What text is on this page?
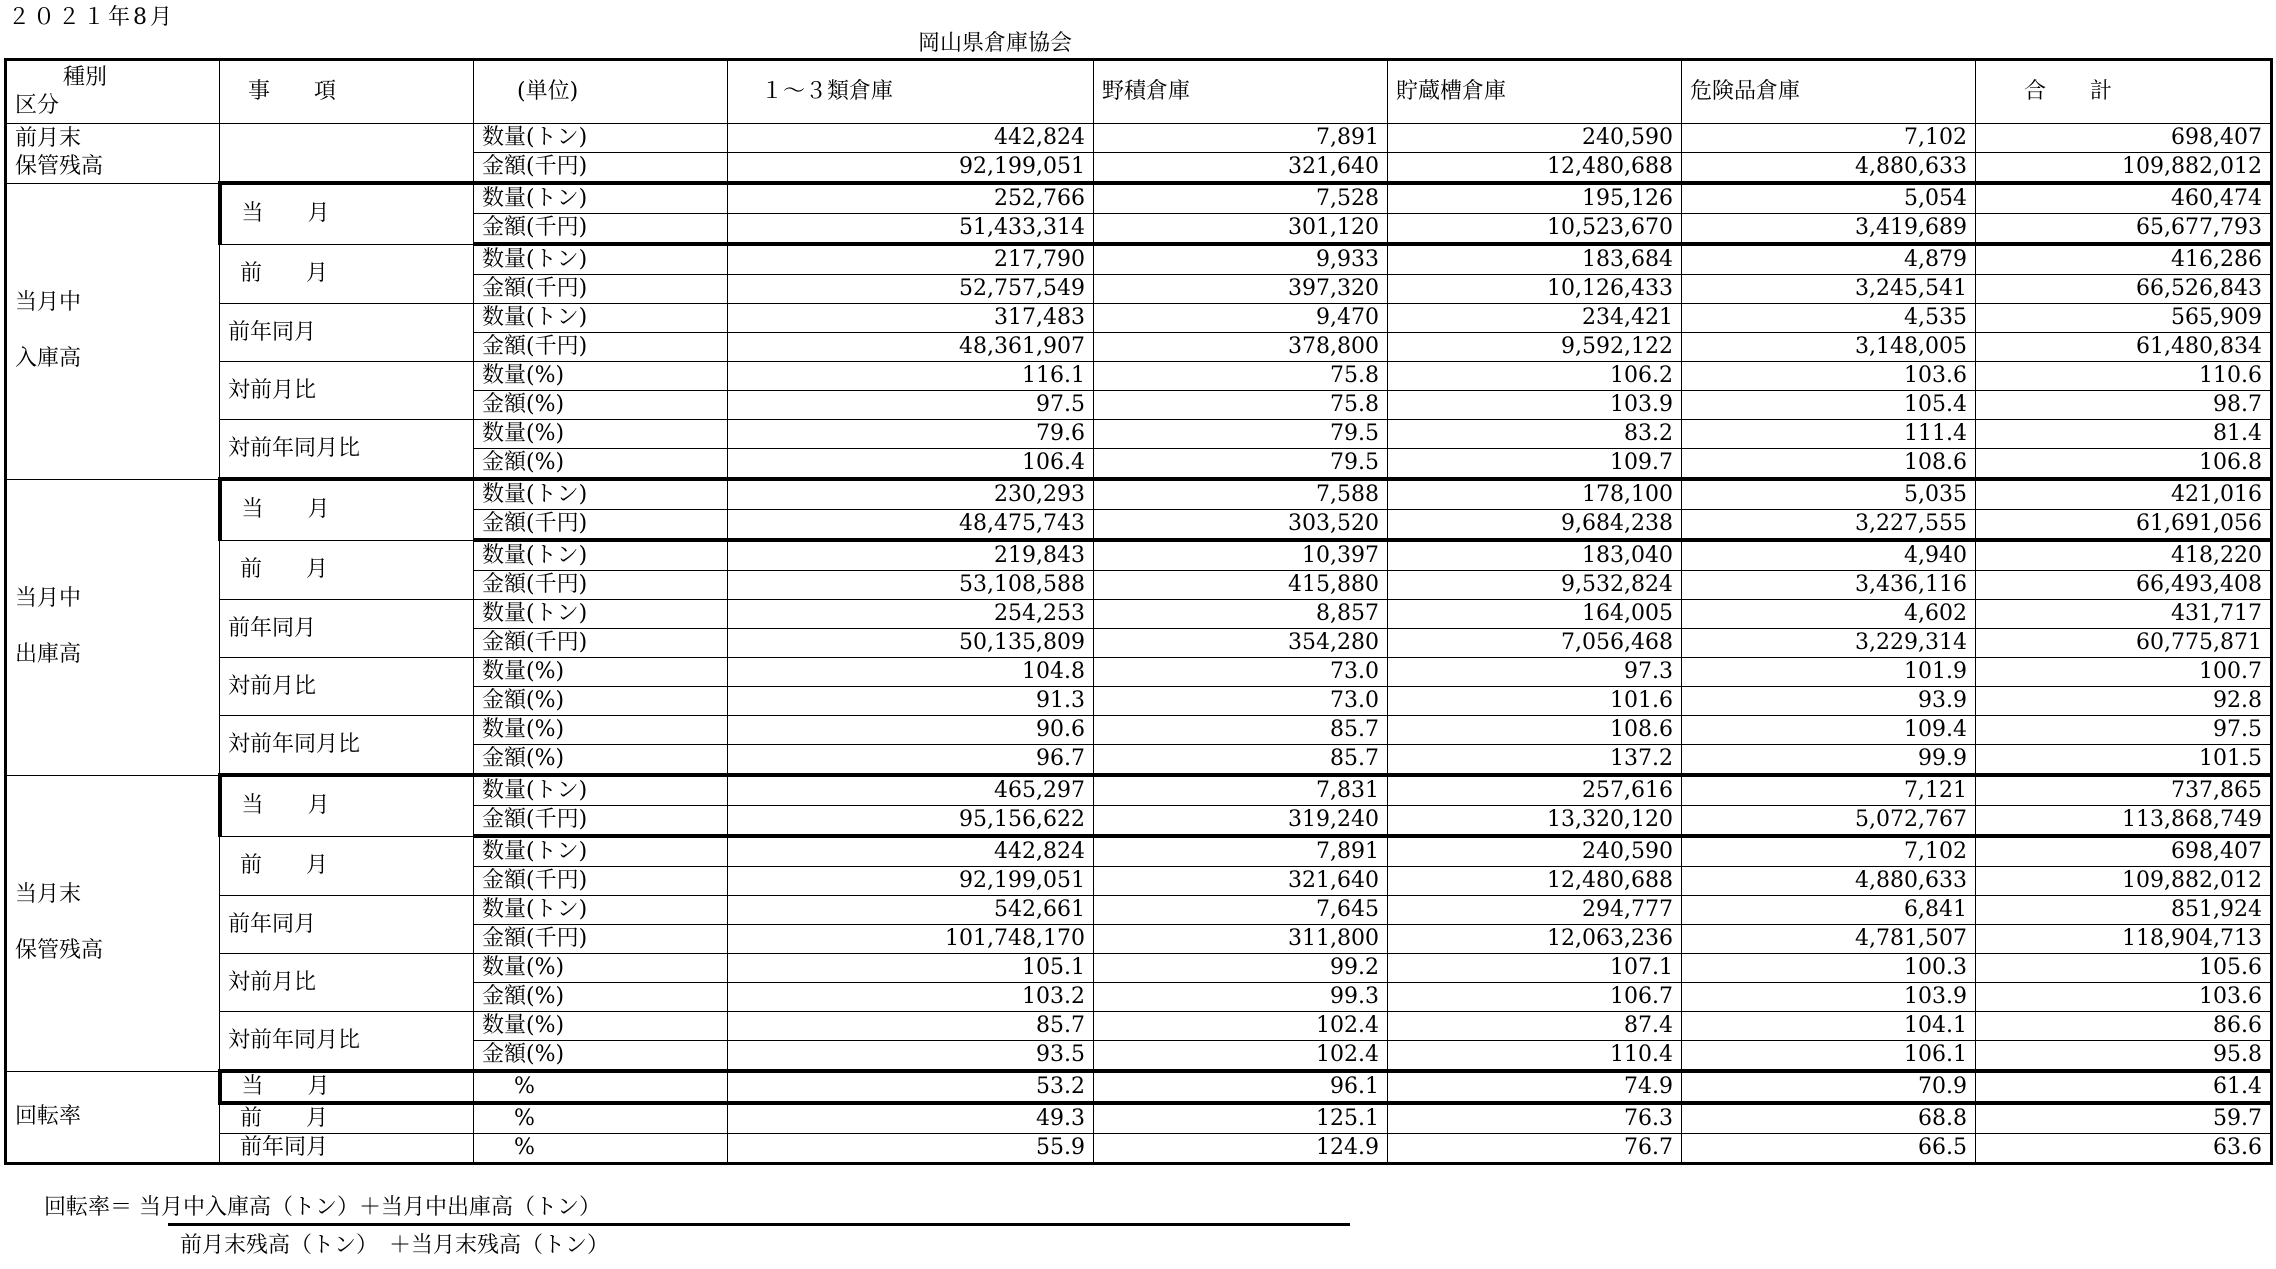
２０２１年8月
岡山県倉庫協会
種別
区分	事　　項	(単位)	１～３類倉庫	野積倉庫	貯蔵槽倉庫	危険品倉庫	合　　計

前月末
保管残高		数量(トン)	442,824	7,891	240,590	7,102	698,407
		金額(千円)	92,199,051	321,640	12,480,688	4,880,633	109,882,012

当月中

入庫高	当　　月	数量(トン)	252,766	7,528	195,126	5,054	460,474
		金額(千円)	51,433,314	301,120	10,523,670	3,419,689	65,677,793
	前　　月	数量(トン)	217,790	9,933	183,684	4,879	416,286
		金額(千円)	52,757,549	397,320	10,126,433	3,245,541	66,526,843
	前年同月	数量(トン)	317,483	9,470	234,421	4,535	565,909
		金額(千円)	48,361,907	378,800	9,592,122	3,148,005	61,480,834
	対前月比	数量(%)	116.1	75.8	106.2	103.6	110.6
		金額(%)	97.5	75.8	103.9	105.4	98.7
	対前年同月比	数量(%)	79.6	79.5	83.2	111.4	81.4
		金額(%)	106.4	79.5	109.7	108.6	106.8

当月中

出庫高	当　　月	数量(トン)	230,293	7,588	178,100	5,035	421,016
		金額(千円)	48,475,743	303,520	9,684,238	3,227,555	61,691,056
	前　　月	数量(トン)	219,843	10,397	183,040	4,940	418,220
		金額(千円)	53,108,588	415,880	9,532,824	3,436,116	66,493,408
	前年同月	数量(トン)	254,253	8,857	164,005	4,602	431,717
		金額(千円)	50,135,809	354,280	7,056,468	3,229,314	60,775,871
	対前月比	数量(%)	104.8	73.0	97.3	101.9	100.7
		金額(%)	91.3	73.0	101.6	93.9	92.8
	対前年同月比	数量(%)	90.6	85.7	108.6	109.4	97.5
		金額(%)	96.7	85.7	137.2	99.9	101.5

当月末

保管残高	当　　月	数量(トン)	465,297	7,831	257,616	7,121	737,865
		金額(千円)	95,156,622	319,240	13,320,120	5,072,767	113,868,749
	前　　月	数量(トン)	442,824	7,891	240,590	7,102	698,407
		金額(千円)	92,199,051	321,640	12,480,688	4,880,633	109,882,012
	前年同月	数量(トン)	542,661	7,645	294,777	6,841	851,924
		金額(千円)	101,748,170	311,800	12,063,236	4,781,507	118,904,713
	対前月比	数量(%)	105.1	99.2	107.1	100.3	105.6
		金額(%)	103.2	99.3	106.7	103.9	103.6
	対前年同月比	数量(%)	85.7	102.4	87.4	104.1	86.6
		金額(%)	93.5	102.4	110.4	106.1	95.8
回転率	当　　月	%	53.2	96.1	74.9	70.9	61.4
	前　　月	%	49.3	125.1	76.3	68.8	59.7
	前年同月	%	55.9	124.9	76.7	66.5	63.6
回転率＝ 当月中入庫高（トン）＋当月中出庫高（トン）
前月末残高（トン）　＋当月末残高（トン）
